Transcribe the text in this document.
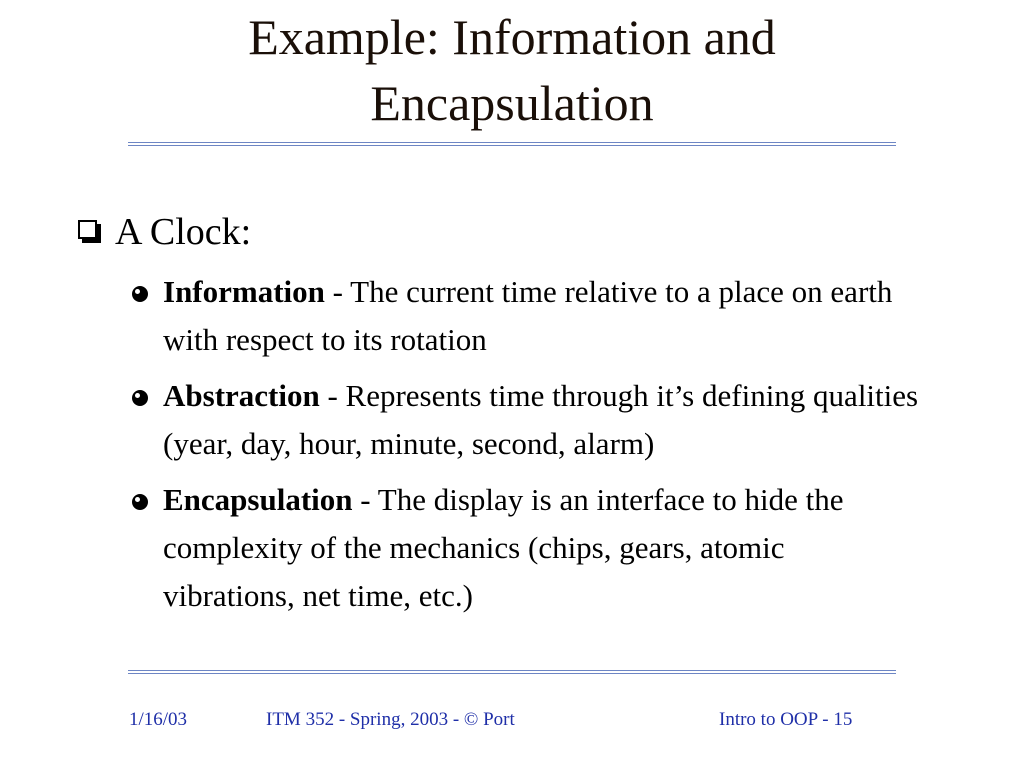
Example: Information and Encapsulation
A Clock:
Information - The current time relative to a place on earth with respect to its rotation
Abstraction - Represents time through it’s defining qualities (year, day, hour, minute, second, alarm)
Encapsulation - The display is an interface to hide the complexity of the mechanics (chips, gears, atomic vibrations, net time, etc.)
1/16/03	ITM 352 - Spring, 2003 - © Port	Intro to OOP - 15
